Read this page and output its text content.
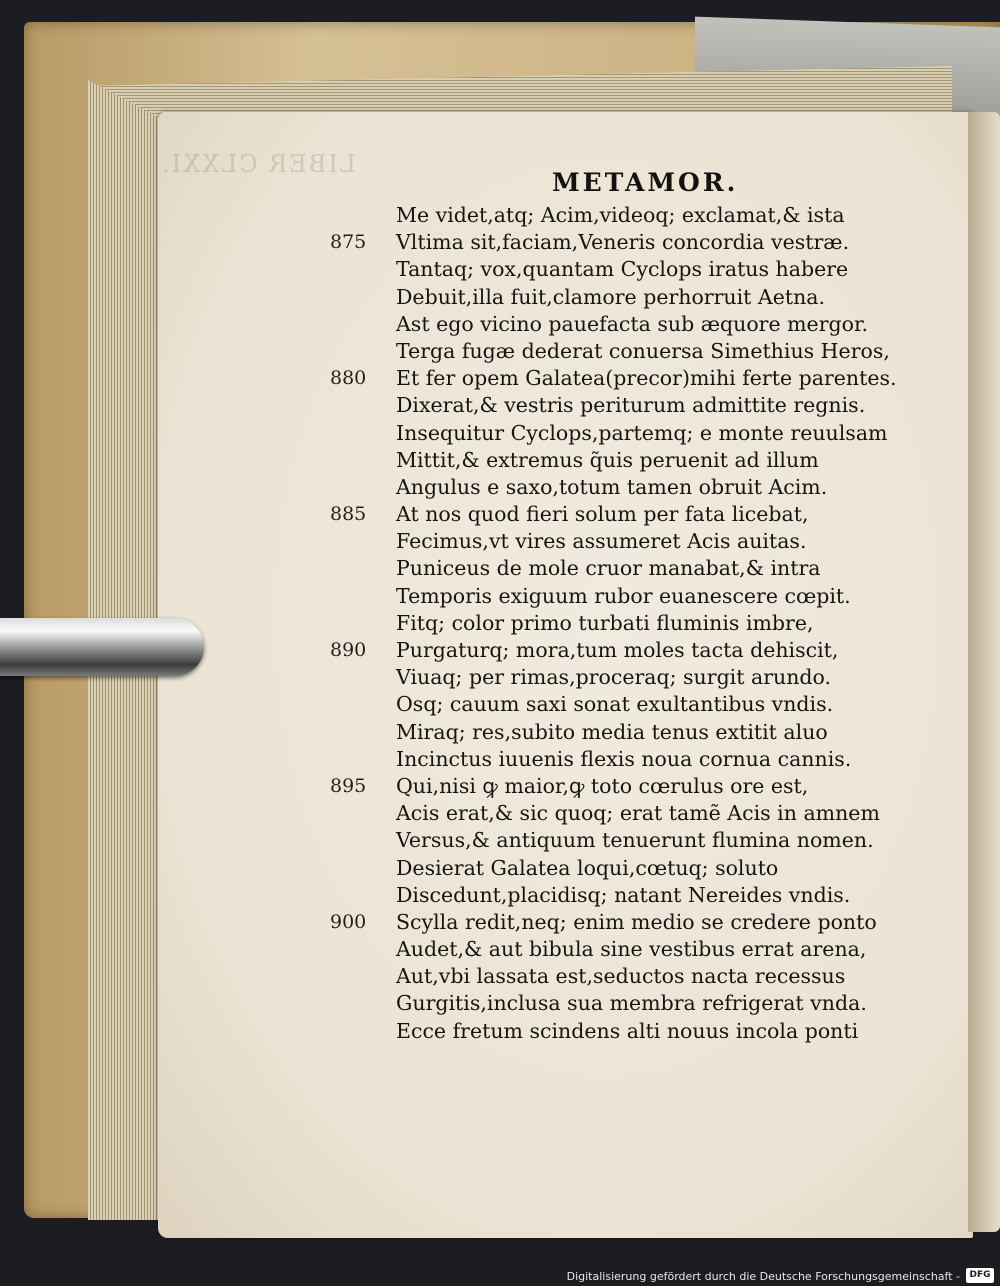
LIBER CLXXI.
METAMOR.
Me videt,atq; Acim,videoq; exclamat,& ista
875 Vltima sit,faciam,Veneris concordia vestræ.
Tantaq; vox,quantam Cyclops iratus habere
Debuit,illa fuit,clamore perhorruit Aetna.
Ast ego vicino pauefacta sub æquore mergor.
Terga fugæ dederat conuersa Simethius Heros,
880 Et fer opem Galatea(precor)mihi ferte parentes.
Dixerat,& vestris periturum admittite regnis.
Insequitur Cyclops,partemq; e monte reuulsam
Mittit,& extremus q̃uis peruenit ad illum
Angulus e saxo,totum tamen obruit Acim.
885 At nos quod fieri solum per fata licebat,
Fecimus,vt vires assumeret Acis auitas.
Puniceus de mole cruor manabat,& intra
Temporis exiguum rubor euanescere cœpit.
Fitq; color primo turbati fluminis imbre,
890 Purgaturq; mora,tum moles tacta dehiscit,
Viuaq; per rimas,proceraq; surgit arundo.
Osq; cauum saxi sonat exultantibus vndis.
Miraq; res,subito media tenus extitit aluo
Incinctus iuuenis flexis noua cornua cannis.
895 Qui,nisi ꝙ maior,ꝙ toto cœrulus ore est,
Acis erat,& sic quoq; erat tamẽ Acis in amnem
Versus,& antiquum tenuerunt flumina nomen.
Desierat Galatea loqui,cœtuq; soluto
Discedunt,placidisq; natant Nereides vndis.
900 Scylla redit,neq; enim medio se credere ponto
Audet,& aut bibula sine vestibus errat arena,
Aut,vbi lassata est,seductos nacta recessus
Gurgitis,inclusa sua membra refrigerat vnda.
Ecce fretum scindens alti nouus incola ponti
Digitalisierung gefördert durch die Deutsche Forschungsgemeinschaft -	DFG
